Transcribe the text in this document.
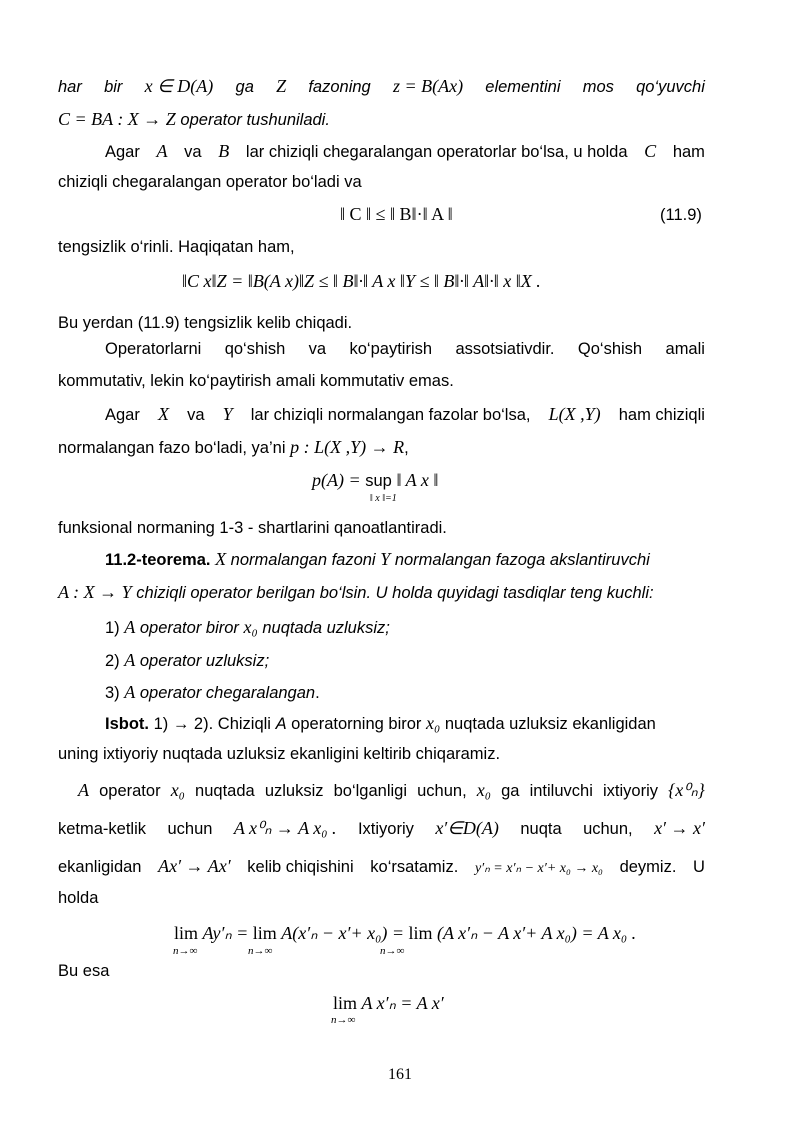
har bir x ∈ D(A) ga Z fazoning z = B(Ax) elementini mos qo‘yuvchi
C = BA : X → Z operator tushuniladi.
Agar A va B lar chiziqli chegaralangan operatorlar bo‘lsa, u holda C ham
chiziqli chegaralangan operator bo‘ladi va
‖ C ‖ ≤ ‖ B‖·‖ A ‖	(11.9)
tengsizlik o‘rinli. Haqiqatan ham,
‖C x‖Z = ‖B(A x)‖Z ≤ ‖ B‖·‖ A x ‖Y ≤ ‖ B‖·‖ A‖·‖ x ‖X .
Bu yerdan (11.9) tengsizlik kelib chiqadi.
Operatorlarni qo‘shish va ko‘paytirish assotsiativdir. Qo‘shish amali
kommutativ, lekin ko‘paytirish amali kommutativ emas.
Agar X va Y lar chiziqli normalangan fazolar bo‘lsa, L(X ,Y) ham chiziqli
normalangan fazo bo‘ladi, ya’ni p : L(X ,Y) → R,
p(A) = sup ‖ A x ‖
‖ x ‖=1
funksional normaning 1-3 - shartlarini qanoatlantiradi.
11.2-teorema. X normalangan fazoni Y normalangan fazoga akslantiruvchi
A : X → Y chiziqli operator berilgan bo‘lsin. U holda quyidagi tasdiqlar teng kuchli:
1) A operator biror x₀ nuqtada uzluksiz;
2) A operator uzluksiz;
3) A operator chegaralangan.
Isbot. 1) → 2). Chiziqli A operatorning biror x₀ nuqtada uzluksiz ekanligidan
uning ixtiyoriy nuqtada uzluksiz ekanligini keltirib chiqaramiz.
A operator x₀ nuqtada uzluksiz bo‘lganligi uchun, x₀ ga intiluvchi ixtiyoriy {x⁰ₙ}
ketma-ketlik uchun A x⁰ₙ → A x₀ . Ixtiyoriy x′∈D(A) nuqta uchun, x′ → x′
ekanligidan Ax′ → Ax′ kelib chiqishini ko‘rsatamiz. y′ₙ = x′ₙ − x′+ x₀ → x₀ deymiz. U
holda
lim Ay′ₙ = lim A(x′ₙ − x′+ x₀) = lim (A x′ₙ − A x′+ A x₀) = A x₀ .
n→∞	n→∞	n→∞
Bu esa
lim A x′ₙ = A x′
n→∞
161
